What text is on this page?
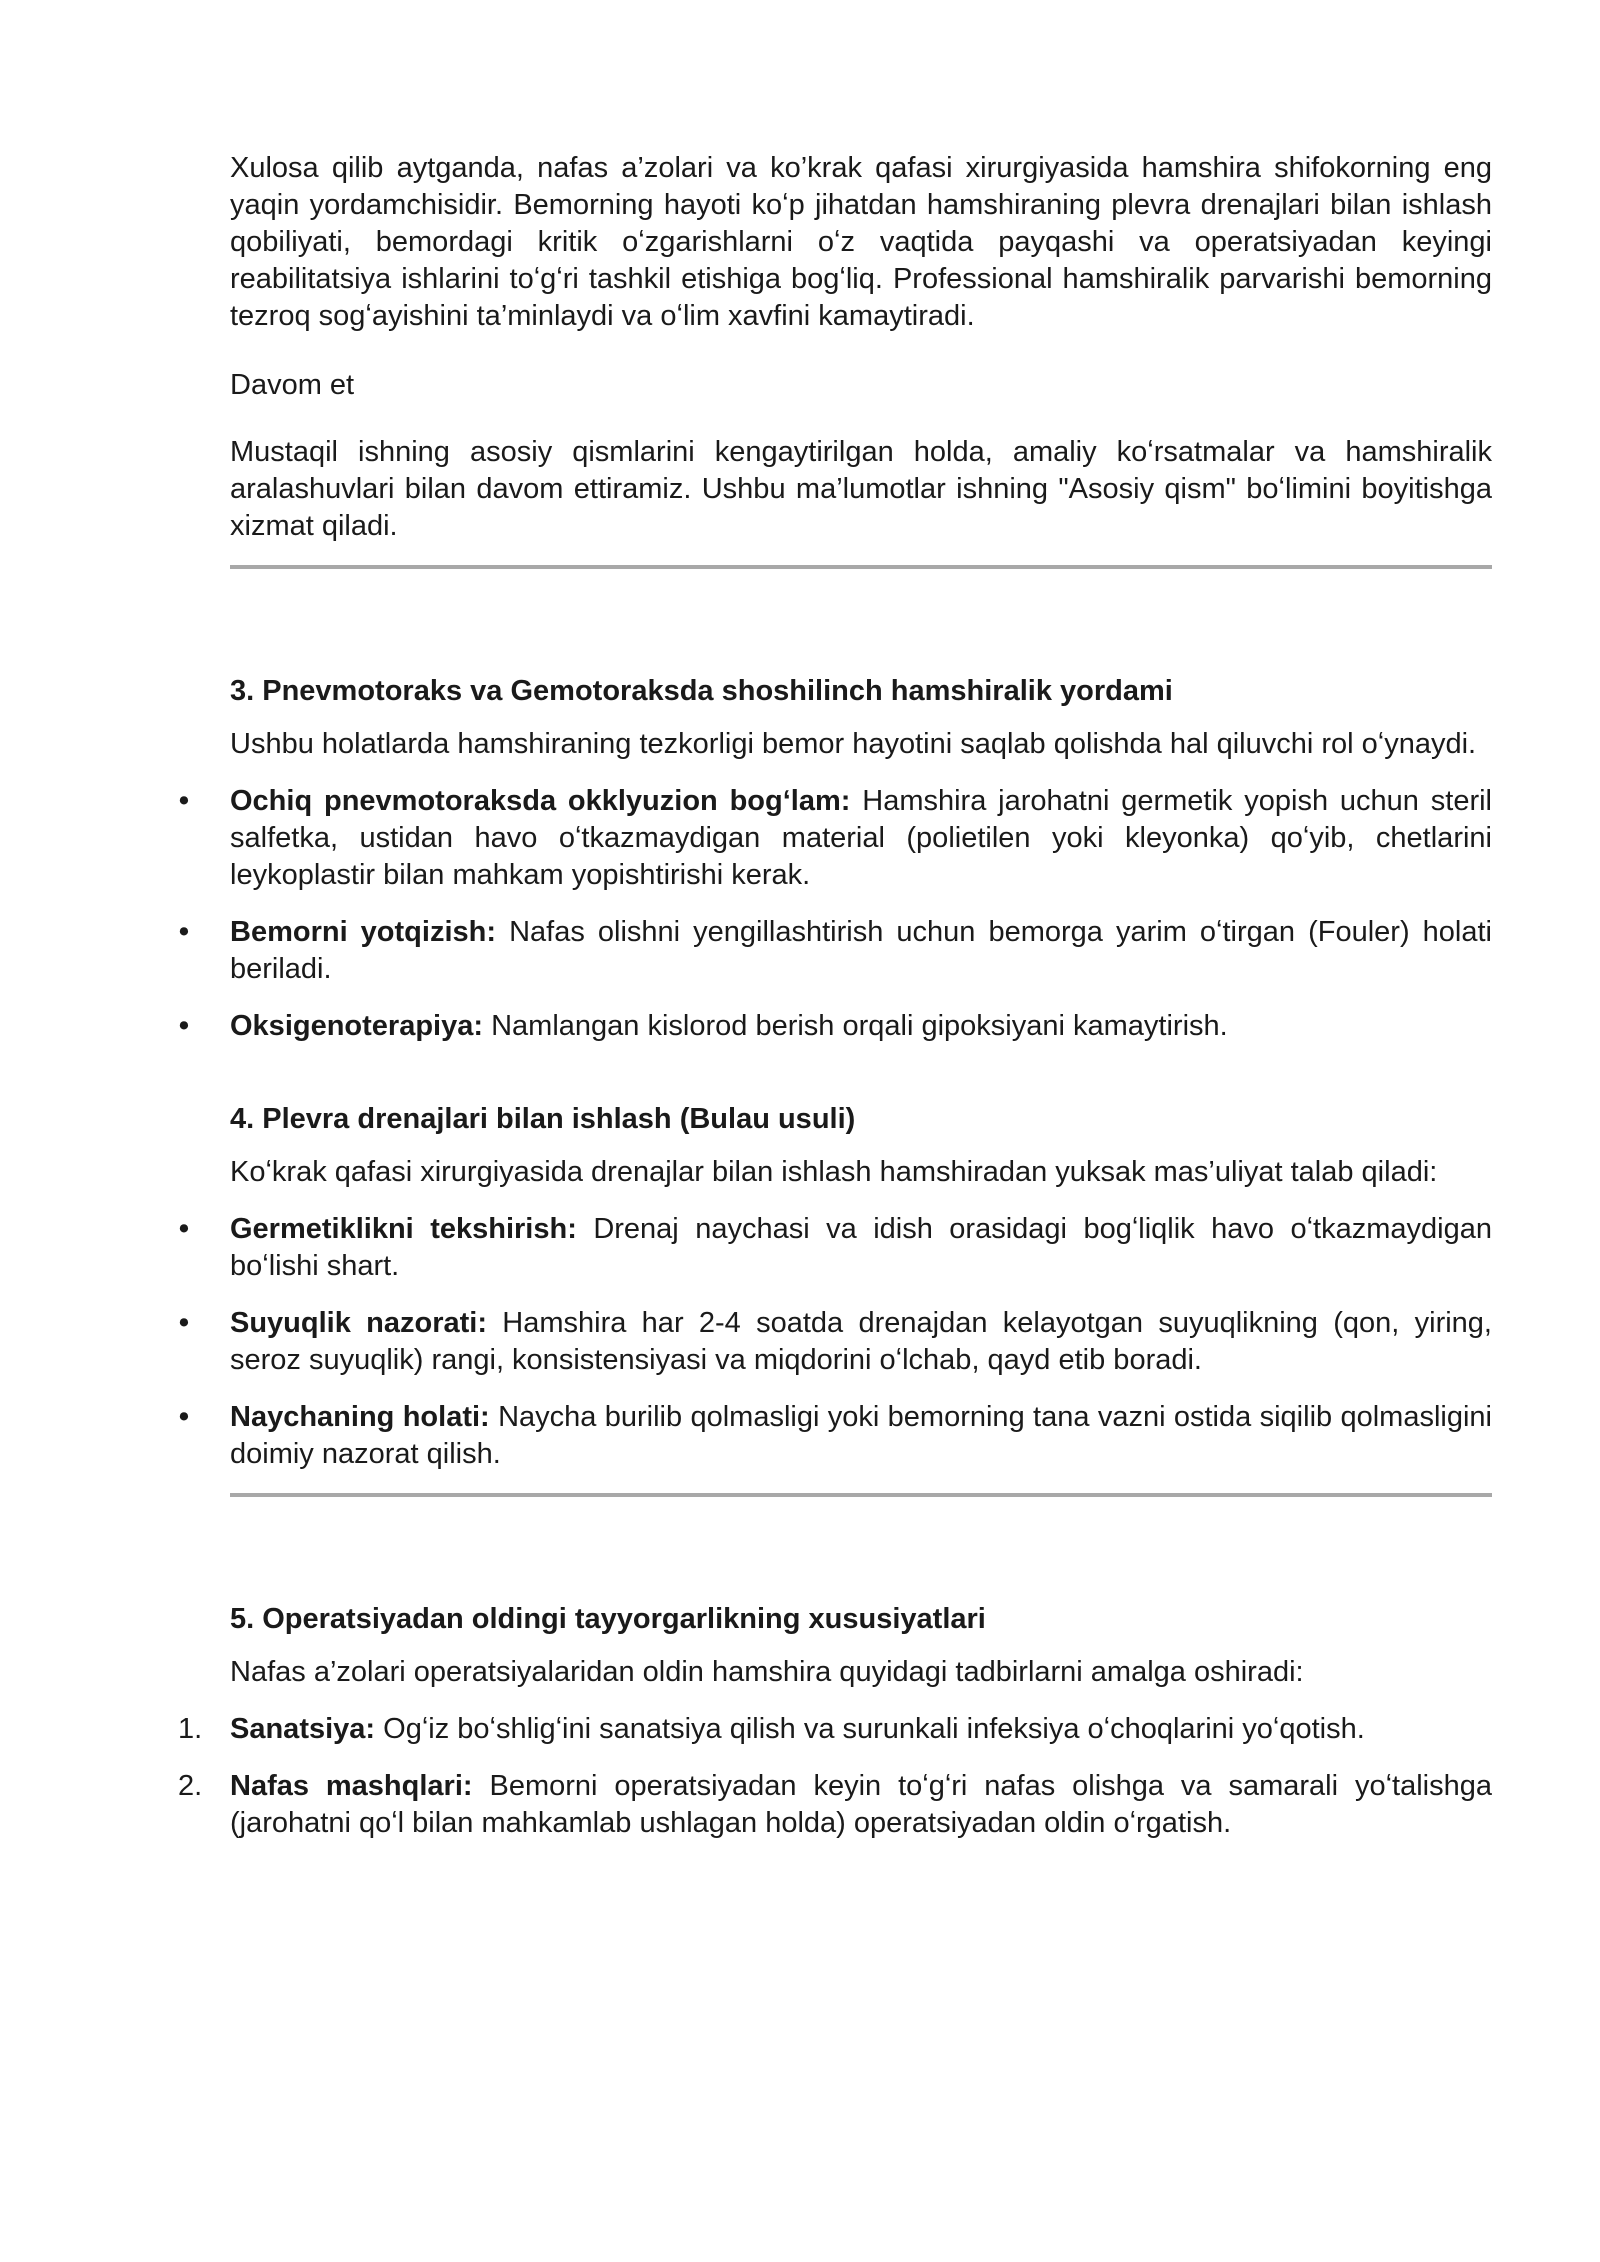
Xulosa qilib aytganda, nafas a’zolari va ko’krak qafasi xirurgiyasida hamshira shifokorning eng yaqin yordamchisidir. Bemorning hayoti koʻp jihatdan hamshiraning plevra drenajlari bilan ishlash qobiliyati, bemordagi kritik oʻzgarishlarni oʻz vaqtida payqashi va operatsiyadan keyingi reabilitatsiya ishlarini toʻgʻri tashkil etishiga bogʻliq. Professional hamshiralik parvarishi bemorning tezroq sogʻayishini ta’minlaydi va oʻlim xavfini kamaytiradi.

Davom et

Mustaqil ishning asosiy qismlarini kengaytirilgan holda, amaliy koʻrsatmalar va hamshiralik aralashuvlari bilan davom ettiramiz. Ushbu ma’lumotlar ishning "Asosiy qism" boʻlimini boyitishga xizmat qiladi.

3. Pnevmotoraks va Gemotoraksda shoshilinch hamshiralik yordami

Ushbu holatlarda hamshiraning tezkorligi bemor hayotini saqlab qolishda hal qiluvchi rol oʻynaydi.

• Ochiq pnevmotoraksda okklyuzion bogʻlam: Hamshira jarohatni germetik yopish uchun steril salfetka, ustidan havo oʻtkazmaydigan material (polietilen yoki kleyonka) qoʻyib, chetlarini leykoplastir bilan mahkam yopishtirishi kerak.
• Bemorni yotqizish: Nafas olishni yengillashtirish uchun bemorga yarim oʻtirgan (Fouler) holati beriladi.
• Oksigenoterapiya: Namlangan kislorod berish orqali gipoksiyani kamaytirish.
4. Plevra drenajlari bilan ishlash (Bulau usuli)

Koʻkrak qafasi xirurgiyasida drenajlar bilan ishlash hamshiradan yuksak mas’uliyat talab qiladi:

• Germetiklikni tekshirish: Drenaj naychasi va idish orasidagi bogʻliqlik havo oʻtkazmaydigan boʻlishi shart.
• Suyuqlik nazorati: Hamshira har 2-4 soatda drenajdan kelayotgan suyuqlikning (qon, yiring, seroz suyuqlik) rangi, konsistensiyasi va miqdorini oʻlchab, qayd etib boradi.
• Naychaning holati: Naycha burilib qolmasligi yoki bemorning tana vazni ostida siqilib qolmasligini doimiy nazorat qilish.
5. Operatsiyadan oldingi tayyorgarlikning xususiyatlari

Nafas a’zolari operatsiyalaridan oldin hamshira quyidagi tadbirlarni amalga oshiradi:

1. Sanatsiya: Ogʻiz boʻshligʻini sanatsiya qilish va surunkali infeksiya oʻchoqlarini yoʻqotish.
2. Nafas mashqlari: Bemorni operatsiyadan keyin toʻgʻri nafas olishga va samarali yoʻtalishga (jarohatni qoʻl bilan mahkamlab ushlagan holda) operatsiyadan oldin oʻrgatish.
